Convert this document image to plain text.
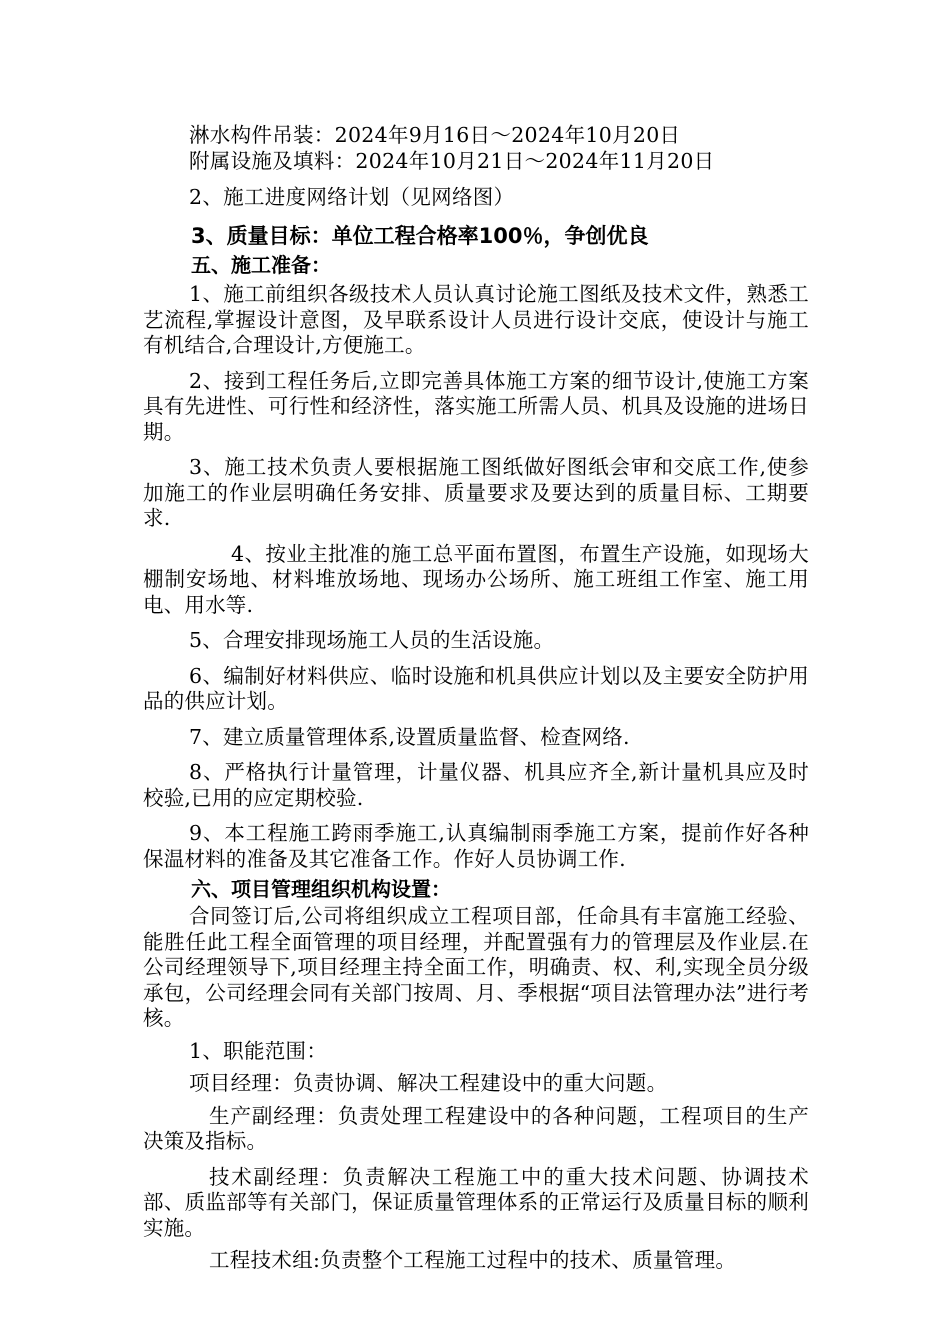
淋水构件吊装：2024年9月16日～2024年10月20日
附属设施及填料：2024年10月21日～2024年11月20日
2、施工进度网络计划（见网络图）
3、质量目标：单位工程合格率100％，争创优良
五、施工准备：

1、施工前组织各级技术人员认真讨论施工图纸及技术文件，熟悉工艺流程,掌握设计意图，及早联系设计人员进行设计交底，使设计与施工有机结合,合理设计,方便施工。

2、接到工程任务后,立即完善具体施工方案的细节设计,使施工方案具有先进性、可行性和经济性，落实施工所需人员、机具及设施的进场日期。

3、施工技术负责人要根据施工图纸做好图纸会审和交底工作,使参加施工的作业层明确任务安排、质量要求及要达到的质量目标、工期要求.

4、按业主批准的施工总平面布置图，布置生产设施，如现场大棚制安场地、材料堆放场地、现场办公场所、施工班组工作室、施工用电、用水等.

5、合理安排现场施工人员的生活设施。

6、编制好材料供应、临时设施和机具供应计划以及主要安全防护用品的供应计划。

7、建立质量管理体系,设置质量监督、检查网络.

8、严格执行计量管理，计量仪器、机具应齐全,新计量机具应及时校验,已用的应定期校验.

9、本工程施工跨雨季施工,认真编制雨季施工方案，提前作好各种保温材料的准备及其它准备工作。作好人员协调工作.

六、项目管理组织机构设置：

合同签订后,公司将组织成立工程项目部，任命具有丰富施工经验、能胜任此工程全面管理的项目经理，并配置强有力的管理层及作业层.在公司经理领导下,项目经理主持全面工作，明确责、权、利,实现全员分级承包，公司经理会同有关部门按周、月、季根据“项目法管理办法”进行考核。

1、职能范围：
项目经理：负责协调、解决工程建设中的重大问题。

生产副经理：负责处理工程建设中的各种问题，工程项目的生产决策及指标。

技术副经理：负责解决工程施工中的重大技术问题、协调技术部、质监部等有关部门，保证质量管理体系的正常运行及质量目标的顺利实施。

工程技术组:负责整个工程施工过程中的技术、质量管理。
